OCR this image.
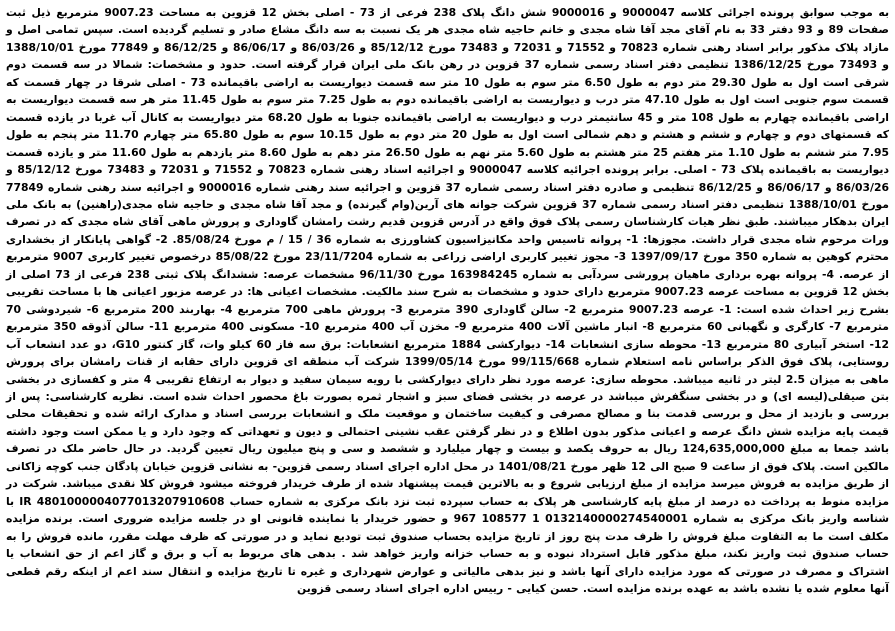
به موجب سوابق پرونده اجرائی کلاسه 9000047 و 9000016 شش دانگ پلاک 238 فرعی از 73 - اصلی بخش 12 قزوین به مساحت 9007.23 مترمربع ذیل ثبت صفحات 89 و 93 دفتر 33 به نام آقای مجد آقا شاه مجدی و خانم حاجیه شاه مجدی هر یک نسبت به سه دانگ مشاع صادر و تسلیم گردیده است. سپس تمامی اصل و مازاد پلاک مذکور برابر اسناد رهنی شماره 70823 و 71552 و 72031 و 73483 مورخ 85/12/12 و 86/03/26 و 86/06/17 و 86/12/25 و 77849 مورخ 1388/10/01 و 73493 مورخ 1386/12/25 تنظیمی دفتر اسناد رسمی شماره 37 قزوین در رهن بانک ملی ایران قرار گرفته است. حدود و مشخصات: شمالا در سه قسمت دوم شرقی است اول به طول 29.30 متر دوم به طول 6.50 متر سوم به طول 10 متر سه قسمت دیواریست به اراضی باقیمانده 73 - اصلی شرقا در چهار قسمت که قسمت سوم جنوبی است اول به طول 47.10 متر درب و دیواریست به اراضی باقیمانده دوم به طول 7.25 متر سوم به طول 11.45 متر هر سه قسمت دیواریست به اراضی باقیمانده چهارم به طول 108 متر و 45 سانتیمتر درب و دیواریست به اراضی باقیمانده جنوبا به طول 68.20 متر دیواریست به کانال آب غربا در یازده قسمت که قسمتهای دوم و چهارم و ششم و هشتم و دهم شمالی است اول به طول 20 متر دوم به طول 10.15 سوم به طول 65.80 متر چهارم 11.70 متر پنجم به طول 7.95 متر ششم به طول 1.10 متر هفتم 25 متر هشتم به طول 5.60 متر نهم به طول 26.50 متر دهم به طول 8.60 متر یازدهم به طول 11.60 متر و یازده قسمت دیواریست به باقیمانده پلاک 73 - اصلی. برابر پرونده اجرائیه کلاسه 9000047 و اجرائیه اسناد رهنی شماره 70823 و 71552 و 72031 و 73483 مورخ 85/12/12 و 86/03/26 و 86/06/17 و 86/12/25 تنظیمی و صادره دفتر اسناد رسمی شماره 37 قزوین و اجرائیه سند رهنی شماره 9000016 و اجرائیه سند رهنی شماره 77849 مورخ 1388/10/01 تنظیمی دفتر اسناد رسمی شماره 37 قزوین شرکت جوانه های آرین(وام گیرنده) و مجد آقا شاه مجدی و حاجیه شاه مجدی(راهنین) به بانک ملی ایران بدهکار میباشند. طبق نظر هیات کارشناسان رسمی پلاک فوق واقع در آدرس قزوین قدیم رشت رامشان گاوداری و پرورش ماهی آقای شاه مجدی که در تصرف ورات مرحوم شاه مجدی قرار داشت. مجوزها: 1- پروانه تاسیس واحد مکانیزاسیون کشاورزی به شماره 36 / 15 / م مورخ 85/08/24. 2- گواهی پایانکار از بخشداری محترم کوهین به شماره 350 مورخ 1397/09/17 3- مجوز تغییر کاربری اراضی زراعی به شماره 23/11/7204 مورخ 85/08/22 درخصوص تغییر کاربری 9007 مترمربع از عرصه. 4- پروانه بهره برداری ماهیان پرورشی سردآبی به شماره 163984245 مورخ 96/11/30 مشخصات عرصه: ششدانگ پلاک ثبتی 238 فرعی از 73 اصلی از بخش 12 قزوین به مساحت عرصه 9007.23 مترمربع دارای حدود و مشخصات به شرح سند مالکیت. مشخصات اعیانی ها: در عرصه مزبور اعیانی ها با مساحت تقریبی بشرح زیر احداث شده است: 1- عرصه 9007.23 مترمربع 2- سالن گاوداری 390 مترمربع 3- پرورش ماهی 700 مترمربع 4- بهاربند 200 مترمربع 6- شیردوشی 70 مترمربع 7- کارگری و نگهبانی 60 مترمربع 8- انبار ماشین آلات 400 مترمربع 9- مخزن آب 400 مترمربع 10- مسکونی 400 مترمربع 11- سالن آذوقه 350 مترمربع 12- استخر آبیاری 80 مترمربع 13- محوطه سازی انشعابات 14- دیوارکشی 1884 مترمربع انشعابات: برق سه فاز 60 کیلو وات، گاز کنتور G10، دو عدد انشعاب آب روستایی، پلاک فوق الذکر براساس نامه استعلام شماره 99/115/668 مورخ 1399/05/14 شرکت آب منطقه ای قزوین دارای حقابه از قنات رامشان برای پرورش ماهی به میزان 2.5 لیتر در ثانیه میباشد. محوطه سازی: عرصه مورد نظر دارای دیوارکشی با رویه سیمان سفید و دیوار به ارتفاع تقریبی 4 متر و کفسازی در بخشی بتن صیقلی(لیسه ای) و در بخشی سنگفرش میباشد در عرصه در بخشی فضای سبز و اشجار ثمره بصورت باغ محصور احداث شده است. نظریه کارشناسی: پس از بررسی و بازدید از محل و بررسی قدمت بنا و مصالح مصرفی و کیفیت ساختمان و موقعیت ملک و انشعابات بررسی اسناد و مدارک ارائه شده و تحقیقات محلی قیمت پایه مزایده شش دانگ عرصه و اعیانی مذکور بدون اطلاع و در نظر گرفتن عقب نشینی احتمالی و دیون و تعهداتی که وجود دارد و یا ممکن است وجود داشته باشد جمعا به مبلغ 124,635,000,000 ریال به حروف یکصد و بیست و چهار میلیارد و ششصد و سی و پنج میلیون ریال تعیین گردید. در حال حاضر ملک در تصرف مالکین است. پلاک فوق از ساعت 9 صبح الی 12 ظهر مورخ 1401/08/21 در محل اداره اجرای اسناد رسمی قزوین- به نشانی قزوین خیابان پادگان جنب کوچه زاکانی از طریق مزایده به فروش میرسد مزایده از مبلغ ارزیابی شروع و به بالاترین قیمت پیشنهاد شده از طرف خریدار فروخته میشود فروش کلا نقدی میباشد. شرکت در مزایده منوط به پرداخت ده درصد از مبلغ پایه کارشناسی هر پلاک به حساب سپرده ثبت نزد بانک مرکزی به شماره حساب 4801000004077013207910608 IR با شناسه واریز بانک مرکزی به شماره 0132140000274540001 1 108577 967 و حضور خریدار یا نماینده قانونی او در جلسه مزایده ضروری است. برنده مزایده مکلف است ما به التفاوت مبلغ فروش را ظرف مدت پنج روز از تاریخ مزایده بحساب صندوق ثبت تودیع نماید و در صورتی که ظرف مهلت مقرر، مانده فروش را به حساب صندوق ثبت واریز نکند، مبلغ مذکور قابل استرداد نبوده و به حساب خزانه واریز خواهد شد . بدهی های مربوط به آب و برق و گاز اعم از حق انشعاب یا اشتراک و مصرف در صورتی که مورد مزایده دارای آنها باشد و نیز بدهی مالیاتی و عوارض شهرداری و غیره تا تاریخ مزایده و انتقال سند اعم از اینکه رقم قطعی آنها معلوم شده یا نشده باشد به عهده برنده مزایده است. حسن کیایی - رییس اداره اجرای اسناد رسمی قزوین
